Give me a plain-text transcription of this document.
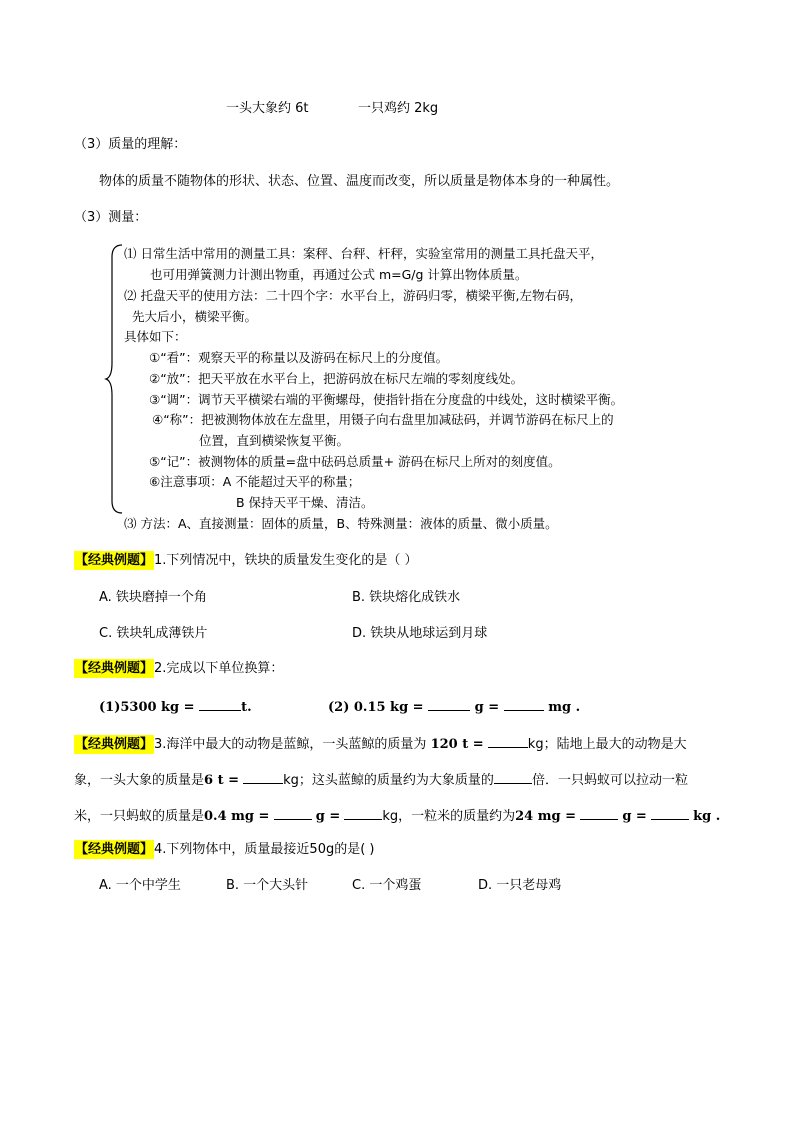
一头大象约 6t	一只鸡约 2kg
（3）质量的理解：
物体的质量不随物体的形状、状态、位置、温度而改变，所以质量是物体本身的一种属性。
（3）测量：
⑴ 日常生活中常用的测量工具：案秤、台秤、杆秤，实验室常用的测量工具托盘天平，
也可用弹簧测力计测出物重，再通过公式 m=G/g 计算出物体质量。
⑵ 托盘天平的使用方法：二十四个字：水平台上，游码归零，横梁平衡,左物右码，
先大后小，横梁平衡。
具体如下：
①“看”：观察天平的称量以及游码在标尺上的分度值。
②“放”：把天平放在水平台上，把游码放在标尺左端的零刻度线处。
③“调”：调节天平横梁右端的平衡螺母，使指针指在分度盘的中线处，这时横梁平衡。
④“称”：把被测物体放在左盘里，用镊子向右盘里加减砝码，并调节游码在标尺上的
位置，直到横梁恢复平衡。
⑤“记”：被测物体的质量=盘中砝码总质量+ 游码在标尺上所对的刻度值。
⑥注意事项：A 不能超过天平的称量；
B 保持天平干燥、清洁。
⑶ 方法：A、直接测量：固体的质量，B、特殊测量：液体的质量、微小质量。
【经典例题】1.下列情况中，铁块的质量发生变化的是（ ）
A. 铁块磨掉一个角	B. 铁块熔化成铁水
C. 铁块轧成薄铁片	D. 铁块从地球运到月球
【经典例题】2.完成以下单位换算：
(1)5300 kg =	t.	(2) 0.15 kg =	g =	mg .
【经典例题】3.海洋中最大的动物是蓝鲸，一头蓝鲸的质量为 120 t =	kg；陆地上最大的动物是大
象，一头大象的质量是6 t =	kg；这头蓝鲸的质量约为大象质量的	倍．一只蚂蚁可以拉动一粒
米，一只蚂蚁的质量是0.4 mg =	g =	kg，一粒米的质量约为24 mg =	g =	kg .
【经典例题】4.下列物体中，质量最接近50g的是( )
A. 一个中学生	B. 一个大头针	C. 一个鸡蛋	D. 一只老母鸡
